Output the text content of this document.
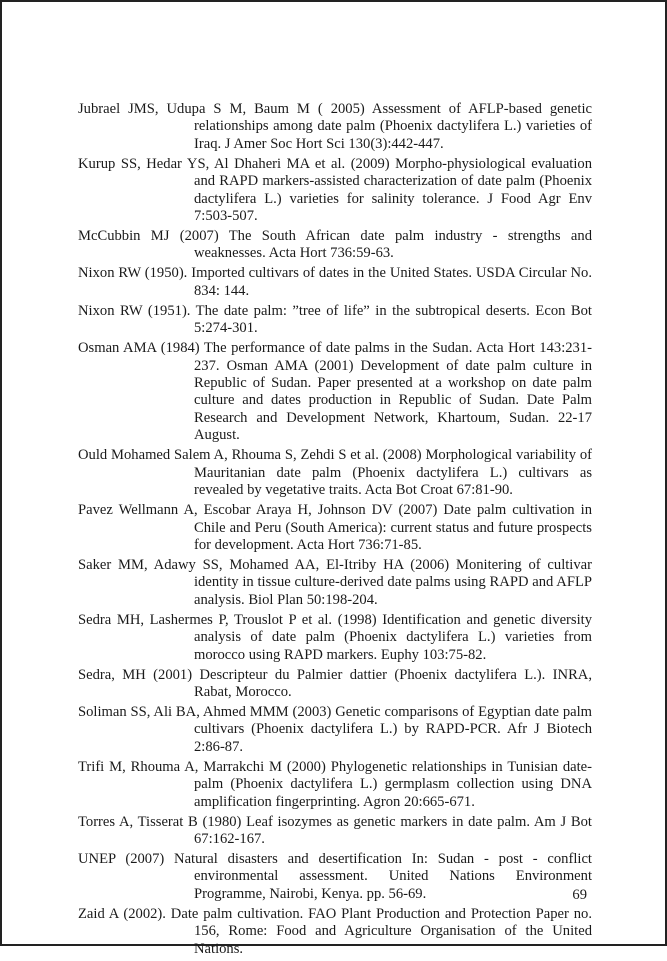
Jubrael JMS, Udupa S M, Baum M ( 2005) Assessment of AFLP-based genetic relationships among date palm (Phoenix dactylifera L.) varieties of Iraq. J Amer Soc Hort Sci 130(3):442-447.

Kurup SS, Hedar YS, Al Dhaheri MA et al. (2009) Morpho-physiological evaluation and RAPD markers-assisted characterization of date palm (Phoenix dactylifera L.) varieties for salinity tolerance. J Food Agr Env 7:503-507.

McCubbin MJ (2007) The South African date palm industry - strengths and weaknesses. Acta Hort 736:59-63.

Nixon RW (1950). Imported cultivars of dates in the United States. USDA Circular No. 834: 144.

Nixon RW (1951). The date palm: ”tree of life” in the subtropical deserts. Econ Bot 5:274-301.

Osman AMA (1984) The performance of date palms in the Sudan. Acta Hort 143:231-237. Osman AMA (2001) Development of date palm culture in Republic of Sudan. Paper presented at a workshop on date palm culture and dates production in Republic of Sudan. Date Palm Research and Development Network, Khartoum, Sudan. 22-17 August.

Ould Mohamed Salem A, Rhouma S, Zehdi S et al. (2008) Morphological variability of Mauritanian date palm (Phoenix dactylifera L.) cultivars as revealed by vegetative traits. Acta Bot Croat 67:81-90.

Pavez Wellmann A, Escobar Araya H, Johnson DV (2007) Date palm cultivation in Chile and Peru (South America): current status and future prospects for development. Acta Hort 736:71-85.

Saker MM, Adawy SS, Mohamed AA, El-Itriby HA (2006) Monitering of cultivar identity in tissue culture-derived date palms using RAPD and AFLP analysis. Biol Plan 50:198-204.

Sedra MH, Lashermes P, Trouslot P et al. (1998) Identification and genetic diversity analysis of date palm (Phoenix dactylifera L.) varieties from morocco using RAPD markers. Euphy 103:75-82.

Sedra, MH (2001) Descripteur du Palmier dattier (Phoenix dactylifera L.). INRA, Rabat, Morocco.

Soliman SS, Ali BA, Ahmed MMM (2003) Genetic comparisons of Egyptian date palm cultivars (Phoenix dactylifera L.) by RAPD-PCR. Afr J Biotech 2:86-87.

Trifi M, Rhouma A, Marrakchi M (2000) Phylogenetic relationships in Tunisian date-palm (Phoenix dactylifera L.) germplasm collection using DNA amplification fingerprinting. Agron 20:665-671.

Torres A, Tisserat B (1980) Leaf isozymes as genetic markers in date palm. Am J Bot 67:162-167.

UNEP (2007) Natural disasters and desertification In: Sudan - post - conflict environmental assessment. United Nations Environment Programme, Nairobi, Kenya. pp. 56-69.

Zaid A (2002). Date palm cultivation. FAO Plant Production and Protection Paper no. 156, Rome: Food and Agriculture Organisation of the United Nations.

69
